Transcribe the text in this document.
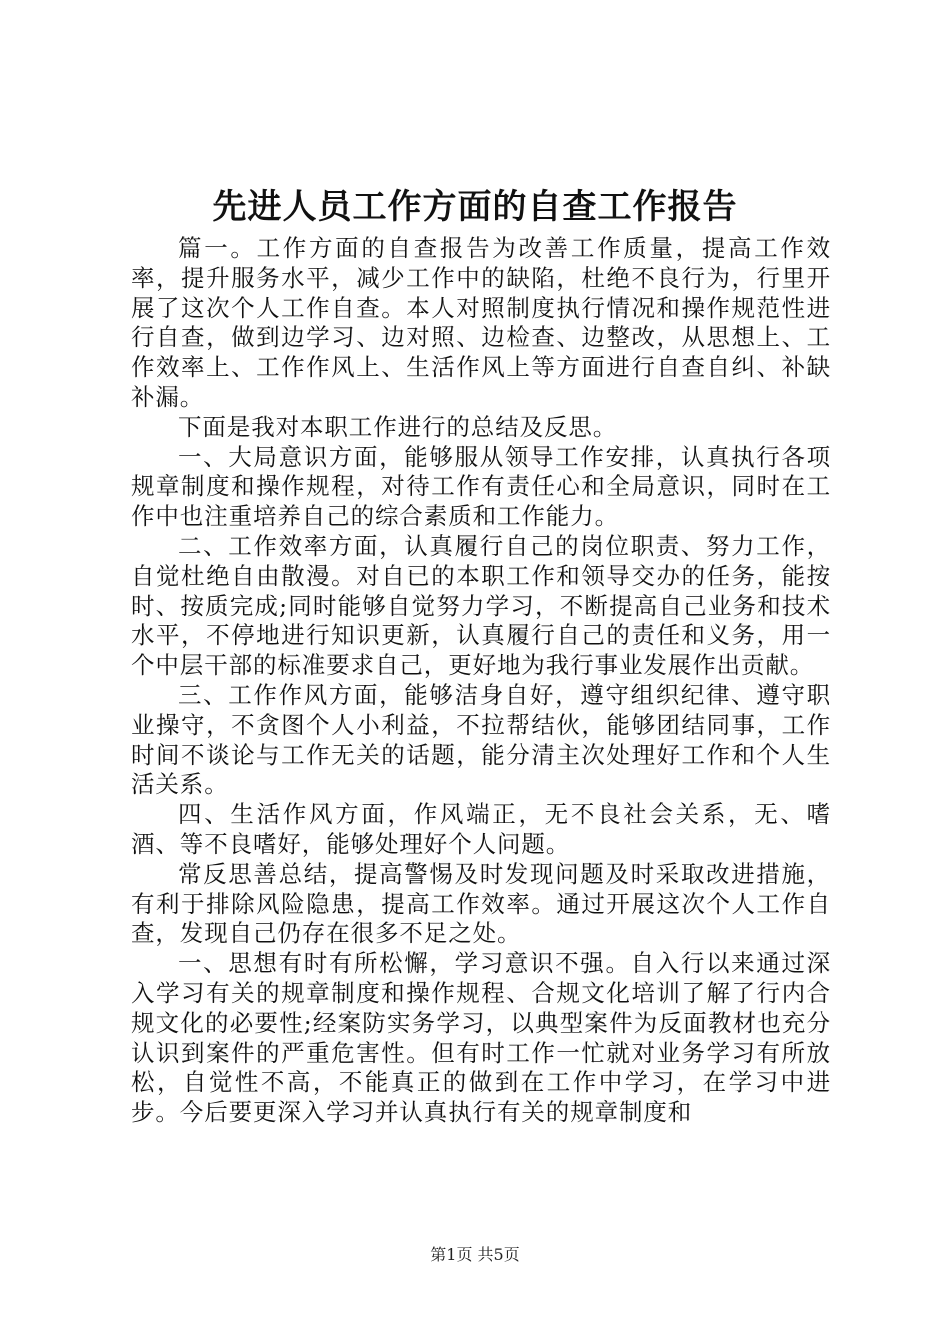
先进人员工作方面的自查工作报告

篇一。工作方面的自查报告为改善工作质量，提高工作效率，提升服务水平，减少工作中的缺陷，杜绝不良行为，行里开展了这次个人工作自查。本人对照制度执行情况和操作规范性进行自查，做到边学习、边对照、边检查、边整改，从思想上、工作效率上、工作作风上、生活作风上等方面进行自查自纠、补缺补漏。

下面是我对本职工作进行的总结及反思。

一、大局意识方面，能够服从领导工作安排，认真执行各项规章制度和操作规程，对待工作有责任心和全局意识，同时在工作中也注重培养自己的综合素质和工作能力。

二、工作效率方面，认真履行自己的岗位职责、努力工作，自觉杜绝自由散漫。对自已的本职工作和领导交办的任务，能按时、按质完成;同时能够自觉努力学习，不断提高自己业务和技术水平，不停地进行知识更新，认真履行自己的责任和义务，用一个中层干部的标准要求自己，更好地为我行事业发展作出贡献。

三、工作作风方面，能够洁身自好，遵守组织纪律、遵守职业操守，不贪图个人小利益，不拉帮结伙，能够团结同事，工作时间不谈论与工作无关的话题，能分清主次处理好工作和个人生活关系。

四、生活作风方面，作风端正，无不良社会关系，无、嗜酒、等不良嗜好，能够处理好个人问题。

常反思善总结，提高警惕及时发现问题及时采取改进措施，有利于排除风险隐患，提高工作效率。通过开展这次个人工作自查，发现自己仍存在很多不足之处。

一、思想有时有所松懈，学习意识不强。自入行以来通过深入学习有关的规章制度和操作规程、合规文化培训了解了行内合规文化的必要性;经案防实务学习，以典型案件为反面教材也充分认识到案件的严重危害性。但有时工作一忙就对业务学习有所放松，自觉性不高，不能真正的做到在工作中学习，在学习中进步。今后要更深入学习并认真执行有关的规章制度和

第1页 共5页
